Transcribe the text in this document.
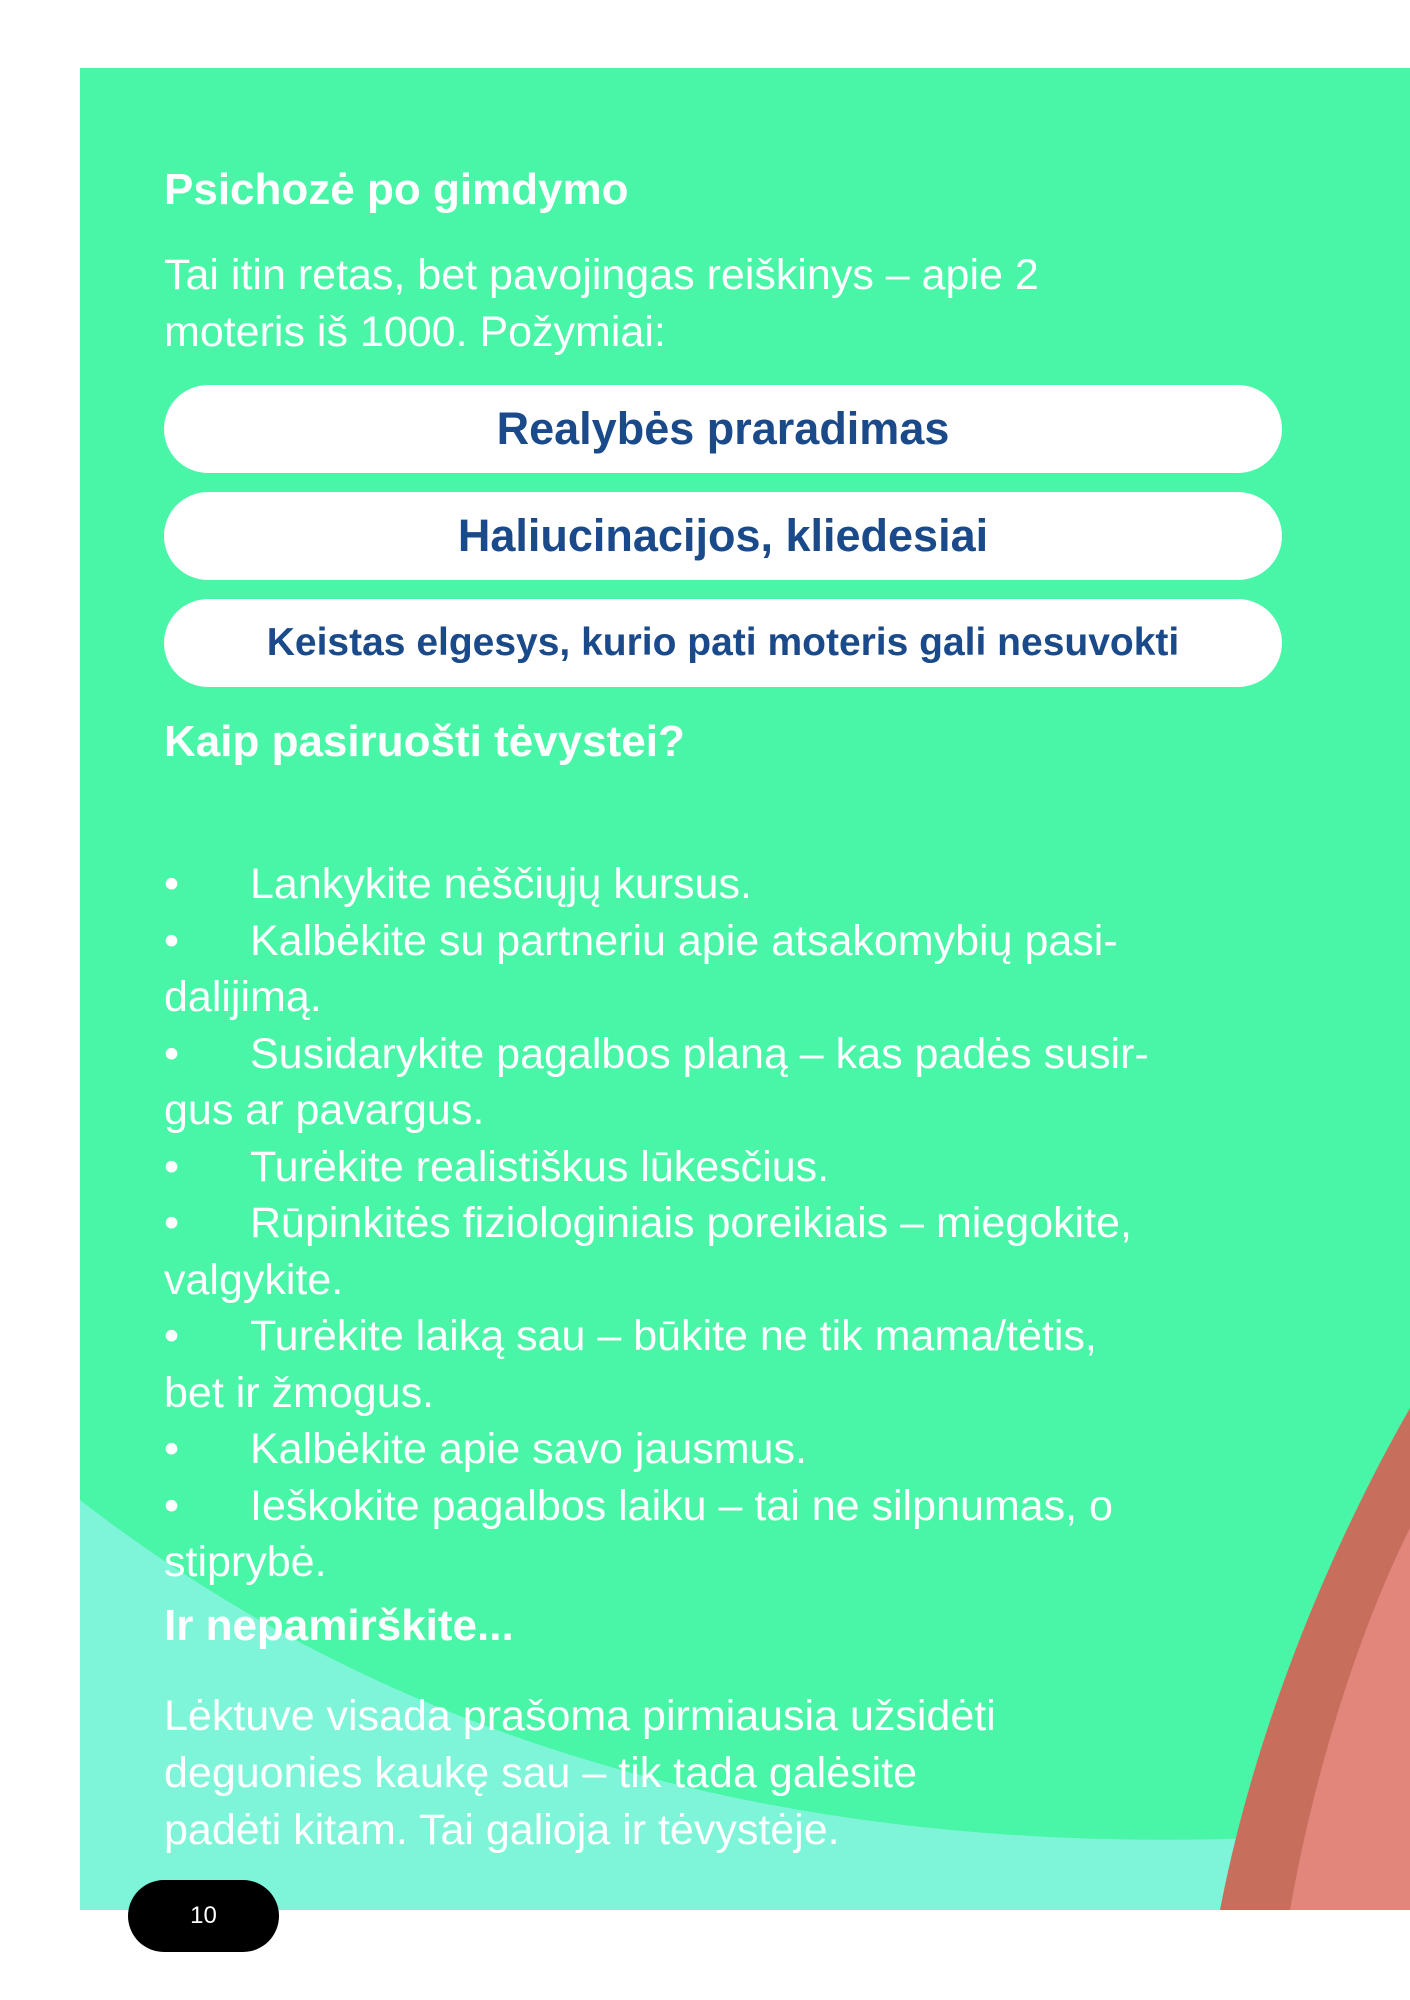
Psichozė po gimdymo

Tai itin retas, bet pavojingas reiškinys – apie 2

moteris iš 1000. Požymiai:

Realybės praradimas
Haliucinacijos, kliedesiai
Keistas elgesys, kurio pati moteris gali nesuvokti
Kaip pasiruošti tėvystei?
• Lankykite nėščiųjų kursus.
• Kalbėkite su partneriu apie atsakomybių pasi-
dalijimą.
• Susidarykite pagalbos planą – kas padės susir-
gus ar pavargus.
• Turėkite realistiškus lūkesčius.
• Rūpinkitės fiziologiniais poreikiais – miegokite,
valgykite.
• Turėkite laiką sau – būkite ne tik mama/tėtis,
bet ir žmogus.
• Kalbėkite apie savo jausmus.
• Ieškokite pagalbos laiku – tai ne silpnumas, o
stiprybė.
Ir nepamirškite...

Lėktuve visada prašoma pirmiausia užsidėti

deguonies kaukę sau – tik tada galėsite

padėti kitam. Tai galioja ir tėvystėje.

10
